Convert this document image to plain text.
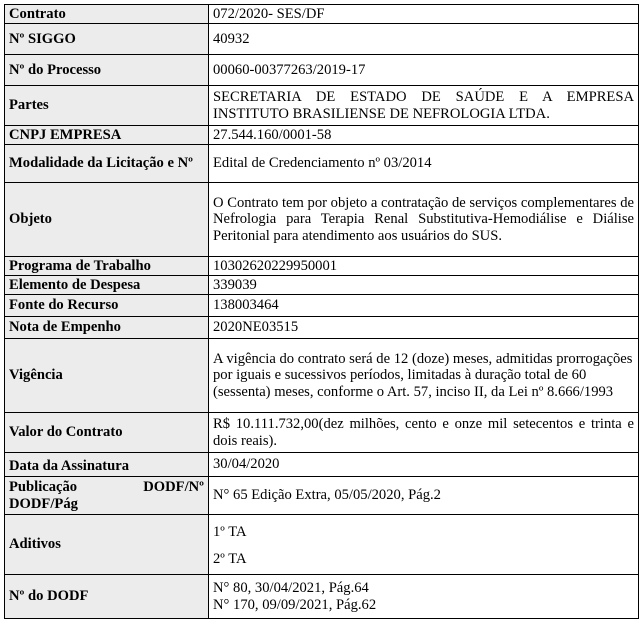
Contrato	072/2020- SES/DF
Nº SIGGO	40932
Nº do Processo	00060-00377263/2019-17
Partes	SECRETARIA DE ESTADO DE SAÚDE E A EMPRESA INSTITUTO BRASILIENSE DE NEFROLOGIA LTDA.
CNPJ EMPRESA	27.544.160/0001-58
Modalidade da Licitação e Nº	Edital de Credenciamento nº 03/2014
Objeto	O Contrato tem por objeto a contratação de serviços complementares de Nefrologia para Terapia Renal Substitutiva-Hemodiálise e Diálise Peritonial para atendimento aos usuários do SUS.
Programa de Trabalho	10302620229950001
Elemento de Despesa	339039
Fonte do Recurso	138003464
Nota de Empenho	2020NE03515
Vigência	A vigência do contrato será de 12 (doze) meses, admitidas prorrogações por iguais e sucessivos períodos, limitadas à duração total de 60 (sessenta) meses, conforme o Art. 57, inciso II, da Lei nº 8.666/1993
Valor do Contrato	R$ 10.111.732,00(dez milhões, cento e onze mil setecentos e trinta e dois reais).
Data da Assinatura	30/04/2020

Publicação DODF/Nº
DODF/Pág	N° 65 Edição Extra, 05/05/2020, Pág.2
Aditivos	1º TA
2º TA

Nº do DODF	N° 80, 30/04/2021, Pág.64
N° 170, 09/09/2021, Pág.62
